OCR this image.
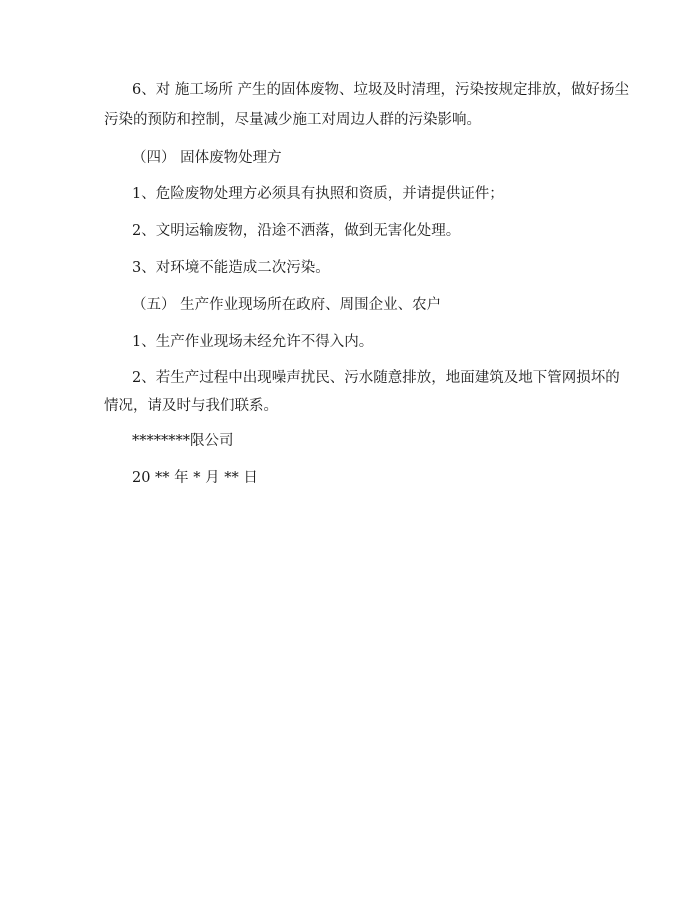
6、对 施工场所 产生的固体废物、垃圾及时清理，污染按规定排放，做好扬尘
污染的预防和控制，尽量减少施工对周边人群的污染影响。
（四） 固体废物处理方
1、危险废物处理方必须具有执照和资质，并请提供证件；
2、文明运输废物，沿途不洒落，做到无害化处理。
3、对环境不能造成二次污染。
（五） 生产作业现场所在政府、周围企业、农户
1、生产作业现场未经允许不得入内。
2、若生产过程中出现噪声扰民、污水随意排放，地面建筑及地下管网损坏的
情况，请及时与我们联系。
********限公司
20 ** 年 * 月 ** 日
